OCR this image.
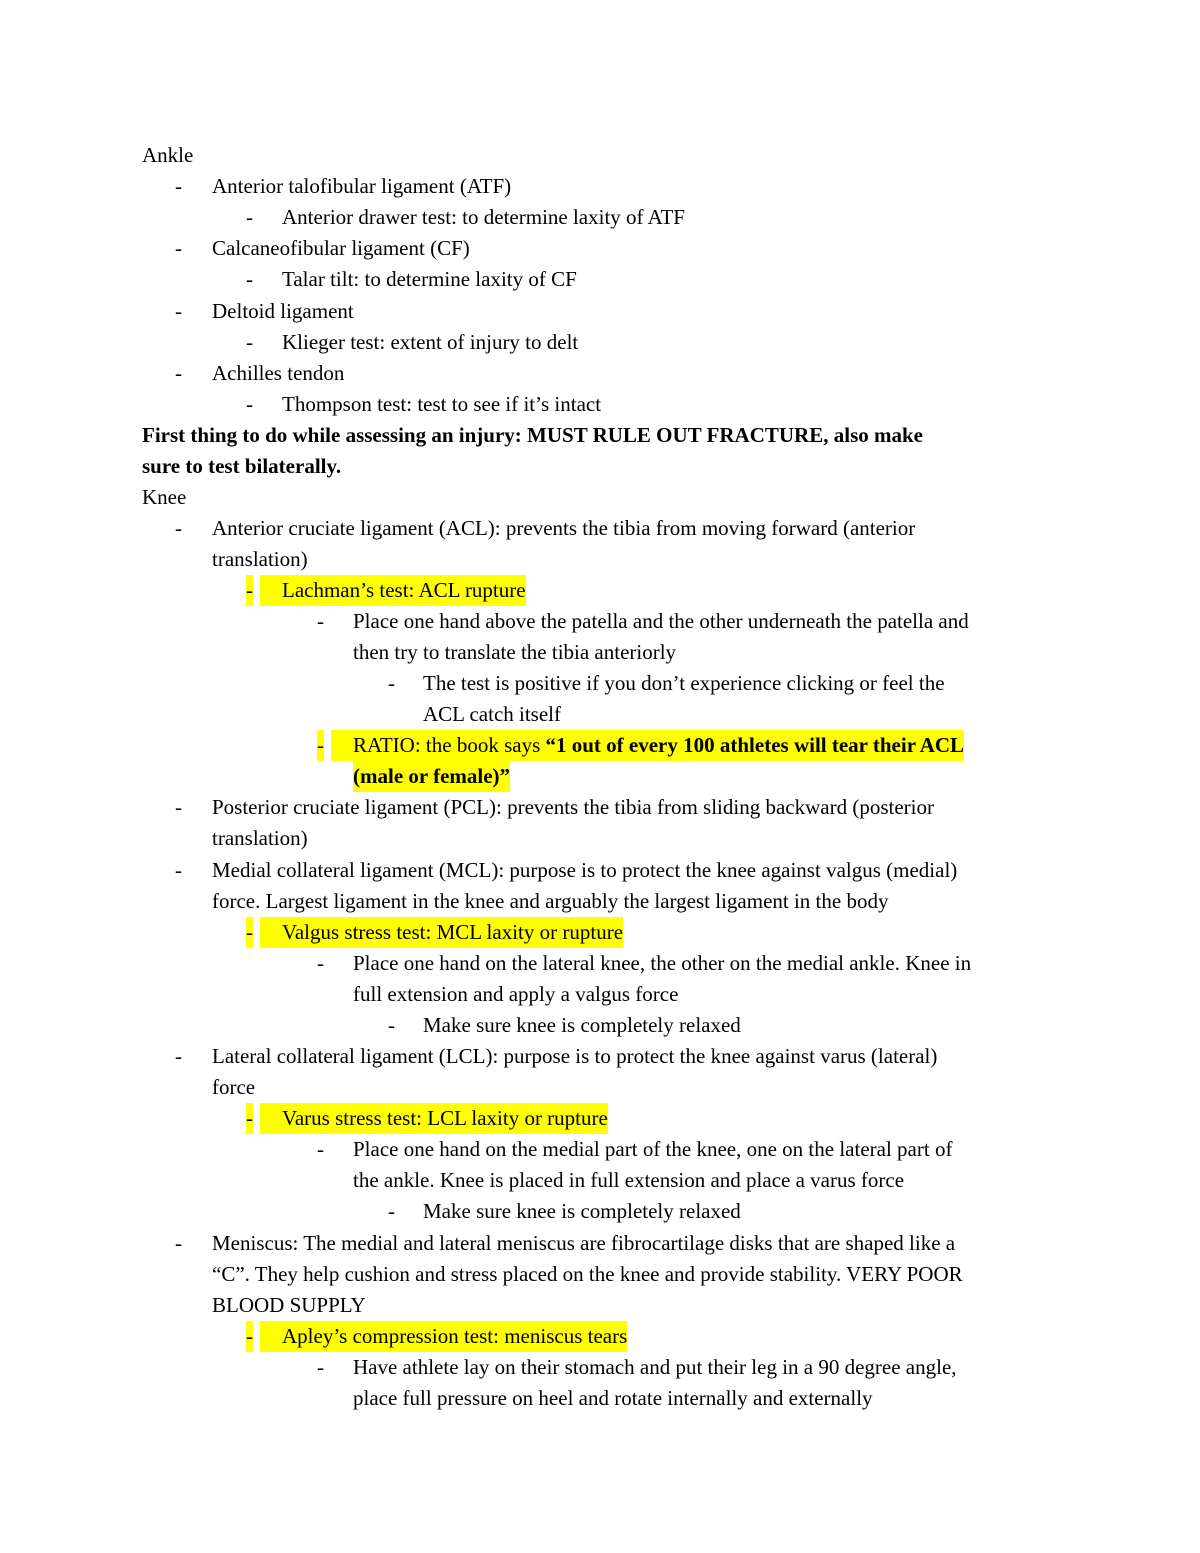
Ankle
- Anterior talofibular ligament (ATF)
- Anterior drawer test: to determine laxity of ATF
- Calcaneofibular ligament (CF)
- Talar tilt: to determine laxity of CF
- Deltoid ligament
- Klieger test: extent of injury to delt
- Achilles tendon
- Thompson test: test to see if it’s intact
First thing to do while assessing an injury: MUST RULE OUT FRACTURE, also make
sure to test bilaterally.
Knee
- Anterior cruciate ligament (ACL): prevents the tibia from moving forward (anterior
translation)
-	Lachman’s test: ACL rupture
- Place one hand above the patella and the other underneath the patella and
then try to translate the tibia anteriorly
- The test is positive if you don’t experience clicking or feel the
ACL catch itself
-	RATIO: the book says “1 out of every 100 athletes will tear their ACL
(male or female)”
- Posterior cruciate ligament (PCL): prevents the tibia from sliding backward (posterior
translation)
- Medial collateral ligament (MCL): purpose is to protect the knee against valgus (medial)
force. Largest ligament in the knee and arguably the largest ligament in the body
-	Valgus stress test: MCL laxity or rupture
- Place one hand on the lateral knee, the other on the medial ankle. Knee in
full extension and apply a valgus force
- Make sure knee is completely relaxed
- Lateral collateral ligament (LCL): purpose is to protect the knee against varus (lateral)
force
-	Varus stress test: LCL laxity or rupture
- Place one hand on the medial part of the knee, one on the lateral part of
the ankle. Knee is placed in full extension and place a varus force
- Make sure knee is completely relaxed
- Meniscus: The medial and lateral meniscus are fibrocartilage disks that are shaped like a
“C”. They help cushion and stress placed on the knee and provide stability. VERY POOR
BLOOD SUPPLY
-	Apley’s compression test: meniscus tears
- Have athlete lay on their stomach and put their leg in a 90 degree angle,
place full pressure on heel and rotate internally and externally
